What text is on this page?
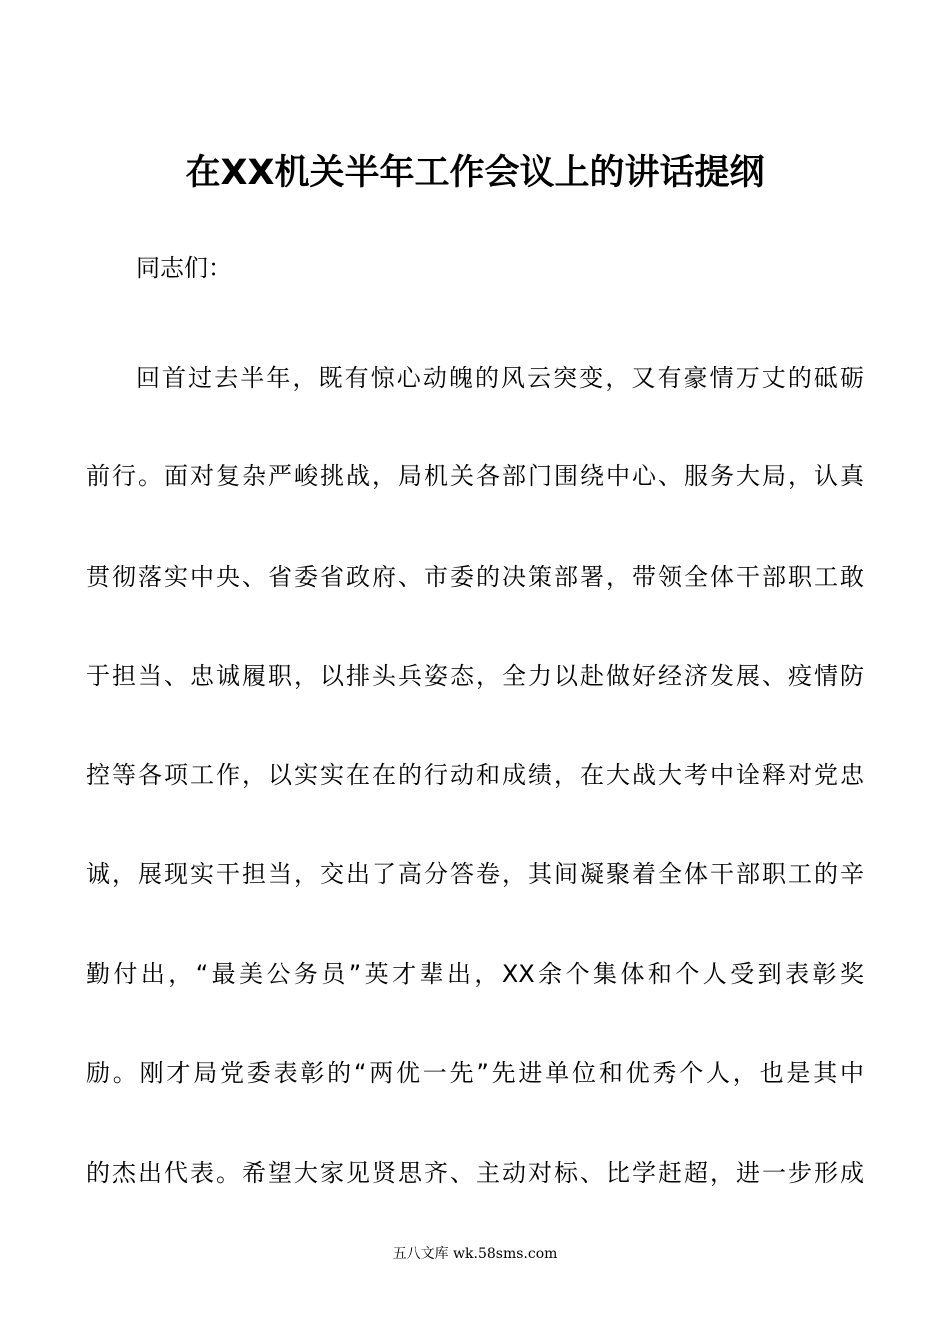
在XX机关半年工作会议上的讲话提纲
同志们：
回首过去半年，既有惊心动魄的风云突变，又有豪情万丈的砥砺
前行。面对复杂严峻挑战，局机关各部门围绕中心、服务大局，认真
贯彻落实中央、省委省政府、市委的决策部署，带领全体干部职工敢
于担当、忠诚履职，以排头兵姿态，全力以赴做好经济发展、疫情防
控等各项工作，以实实在在的行动和成绩，在大战大考中诠释对党忠
诚，展现实干担当，交出了高分答卷，其间凝聚着全体干部职工的辛
勤付出，“最美公务员”英才辈出，XX余个集体和个人受到表彰奖
励。刚才局党委表彰的“两优一先”先进单位和优秀个人，也是其中
的杰出代表。希望大家见贤思齐、主动对标、比学赶超，进一步形成
五八文库 wk.58sms.com
